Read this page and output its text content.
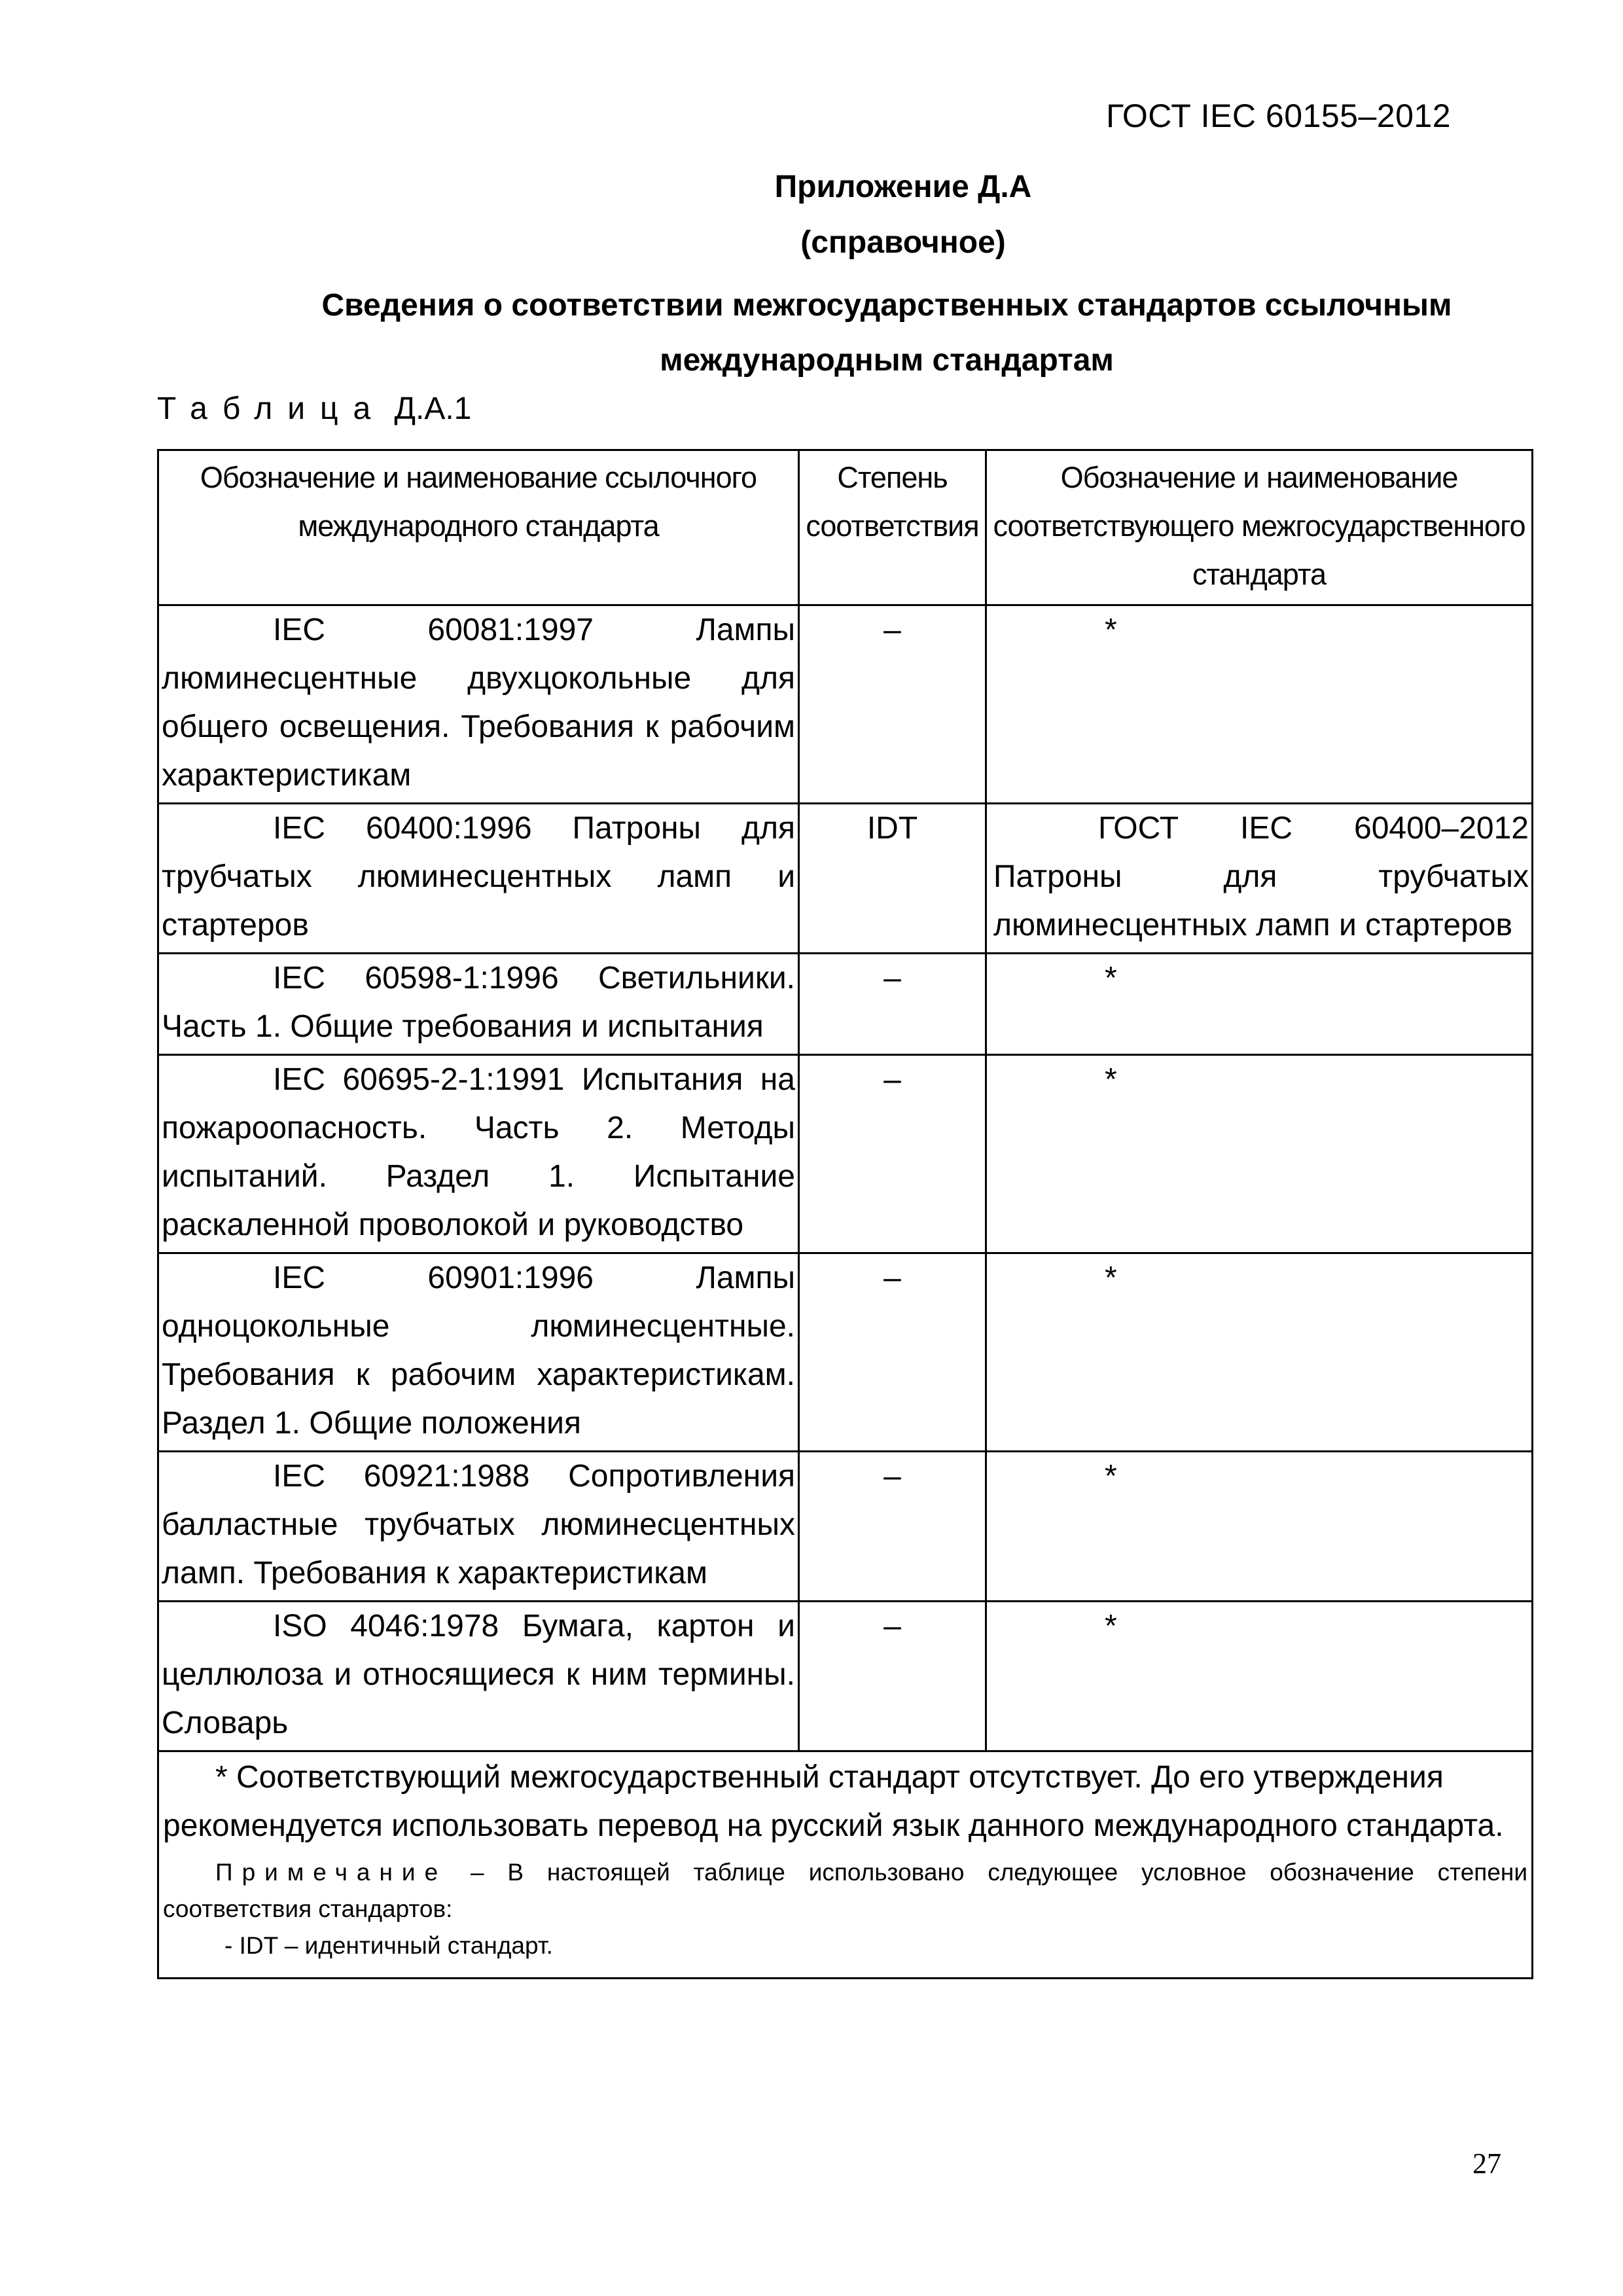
ГОСТ IEC 60155–2012
Приложение Д.А
(справочное)
Сведения о соответствии межгосударственных стандартов ссылочным международным стандартам
Таблица Д.А.1
Обозначение и наименование ссылочного международного стандарта	Степень соответствия	Обозначение и наименование соответствующего межгосударственного стандарта

IEC 60081:1997 Лампы люминесцентные двухцокольные для общего освещения. Требования к рабочим характеристикам	–	*

IEC 60400:1996 Патроны для трубчатых люминесцентных ламп и стартеров	IDT	ГОСТ IEC 60400–2012 Патроны для трубчатых люминесцентных ламп и стартеров

IEC 60598-1:1996 Светильники. Часть 1. Общие требования и испытания	–	*

IEC 60695-2-1:1991 Испытания на пожароопасность. Часть 2. Методы испытаний. Раздел 1. Испытание раскаленной проволокой и руководство	–	*

IEC 60901:1996 Лампы одноцокольные люминесцентные. Требования к рабочим характеристикам. Раздел 1. Общие положения	–	*

IEC 60921:1988 Сопротивления балластные трубчатых люминесцентных ламп. Требования к характеристикам	–	*

ISO 4046:1978 Бумага, картон и целлюлоза и относящиеся к ним термины. Словарь	–	*

* Соответствующий межгосударственный стандарт отсутствует. До его утверждения рекомендуется использовать перевод на русский язык данного международного стандарта.
Примечание – В настоящей таблице использовано следующее условное обозначение степени соответствия стандартов:
- IDT – идентичный стандарт.		
27
